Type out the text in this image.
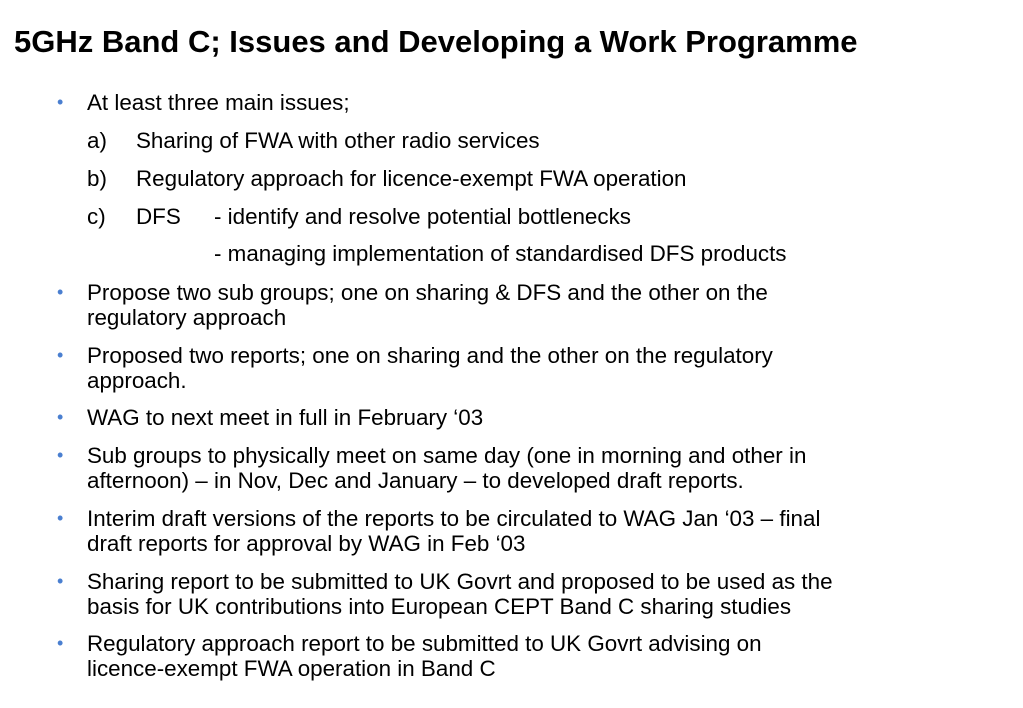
5GHz Band C; Issues and Developing a Work Programme
• At least three main issues;
a) Sharing of FWA with other radio services
b) Regulatory approach for licence-exempt FWA operation
c) DFS - identify and resolve potential bottlenecks
- managing implementation of standardised DFS products
• Propose two sub groups; one on sharing & DFS and the other on the
regulatory approach
• Proposed two reports; one on sharing and the other on the regulatory
approach.
• WAG to next meet in full in February ‘03
• Sub groups to physically meet on same day (one in morning and other in
afternoon) – in Nov, Dec and January – to developed draft reports.
• Interim draft versions of the reports to be circulated to WAG Jan ‘03 – final
draft reports for approval by WAG in Feb ‘03
• Sharing report to be submitted to UK Govrt and proposed to be used as the
basis for UK contributions into European CEPT Band C sharing studies
• Regulatory approach report to be submitted to UK Govrt advising on
licence-exempt FWA operation in Band C
